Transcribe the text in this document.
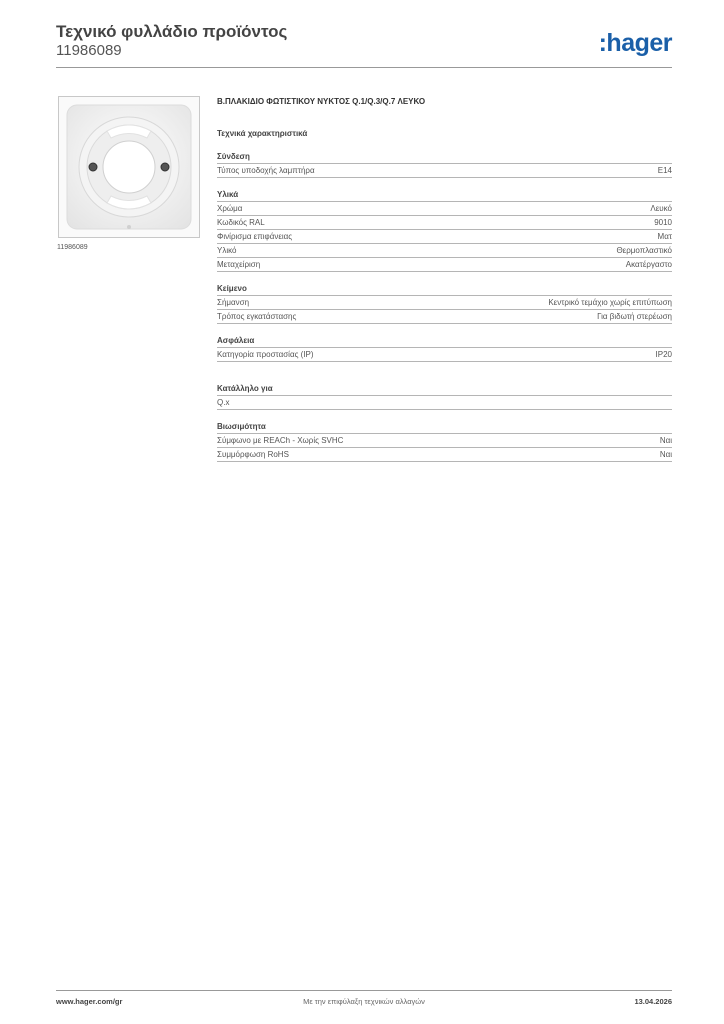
Τεχνικό φυλλάδιο προϊόντος
11986089	:hager
11986089
Β.ΠΛΑΚΙΔΙΟ ΦΩΤΙΣΤΙΚΟΥ ΝΥΚΤΟΣ Q.1/Q.3/Q.7 ΛΕΥΚΟ
Τεχνικά χαρακτηριστικά
Σύνδεση
Τύπος υποδοχής λαμπτήρα	E14
Υλικά
Χρώμα	Λευκό
Κωδικός RAL	9010
Φινίρισμα επιφάνειας	Ματ
Υλικό	Θερμοπλαστικό
Μεταχείριση	Ακατέργαστο
Κείμενο
Σήμανση	Κεντρικό τεμάχιο χωρίς επιτύπωση
Τρόπος εγκατάστασης	Για βιδωτή στερέωση
Ασφάλεια
Κατηγορία προστασίας (IP)	IP20
Κατάλληλο για
Q.x
Βιωσιμότητα
Σύμφωνο με REACh - Χωρίς SVHC	Ναι
Συμμόρφωση RoHS	Ναι
www.hager.com/gr	Με την επιφύλαξη τεχνικών αλλαγών	13.04.2026
